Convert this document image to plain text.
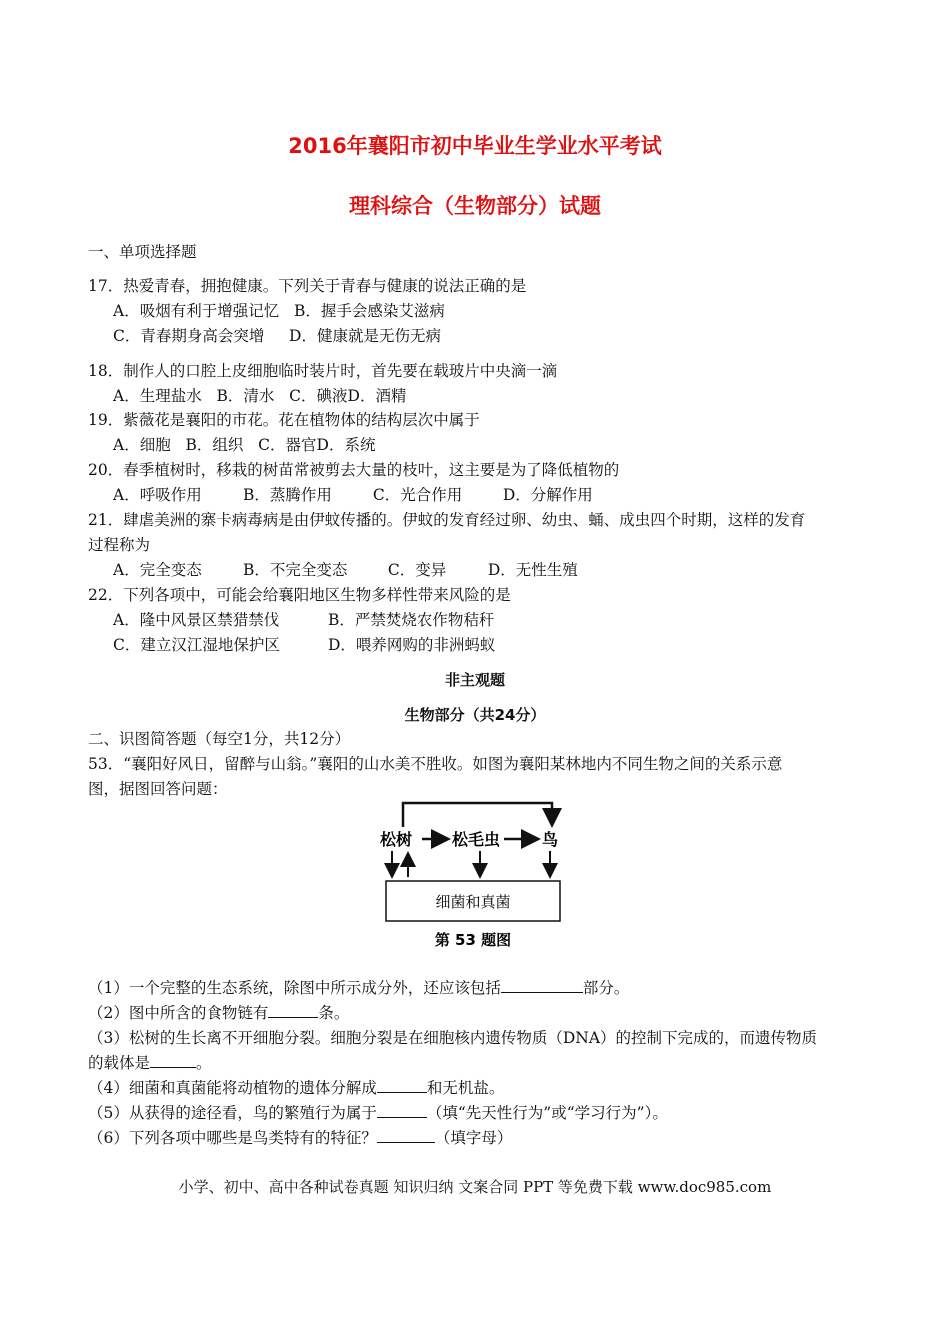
2016年襄阳市初中毕业生学业水平考试
理科综合（生物部分）试题
一、单项选择题
17．热爱青春，拥抱健康。下列关于青春与健康的说法正确的是
A．吸烟有利于增强记忆 B．握手会感染艾滋病
C．青春期身高会突增 D．健康就是无伤无病
18．制作人的口腔上皮细胞临时装片时，首先要在载玻片中央滴一滴
A．生理盐水 B．清水 C．碘液D．酒精
19．紫薇花是襄阳的市花。花在植物体的结构层次中属于
A．细胞 B．组织 C．器官D．系统
20．春季植树时，移栽的树苗常被剪去大量的枝叶，这主要是为了降低植物的
A．呼吸作用	B．蒸腾作用	C．光合作用	D．分解作用
21．肆虐美洲的寨卡病毒病是由伊蚊传播的。伊蚊的发育经过卵、幼虫、蛹、成虫四个时期，这样的发育
过程称为
A．完全变态	B．不完全变态	C．变异	D．无性生殖
22．下列各项中，可能会给襄阳地区生物多样性带来风险的是
A．隆中风景区禁猎禁伐	B．严禁焚烧农作物秸秆
C．建立汉江湿地保护区	D．喂养网购的非洲蚂蚁
非主观题
生物部分（共24分）
二、识图简答题（每空1分，共12分）
53．“襄阳好风日，留醉与山翁。”襄阳的山水美不胜收。如图为襄阳某林地内不同生物之间的关系示意
图，据图回答问题：
松树 松毛虫	鸟
细菌和真菌
第 53 题图
（1）一个完整的生态系统，除图中所示成分外，还应该包括	部分。
（2）图中所含的食物链有	条。
（3）松树的生长离不开细胞分裂。细胞分裂是在细胞核内遗传物质（DNA）的控制下完成的，而遗传物质
的载体是	。
（4）细菌和真菌能将动植物的遗体分解成	和无机盐。
（5）从获得的途径看，鸟的繁殖行为属于	（填“先天性行为”或“学习行为”）。
（6）下列各项中哪些是鸟类特有的特征？	（填字母）
小学、初中、高中各种试卷真题 知识归纳 文案合同 PPT 等免费下载 www.doc985.com
